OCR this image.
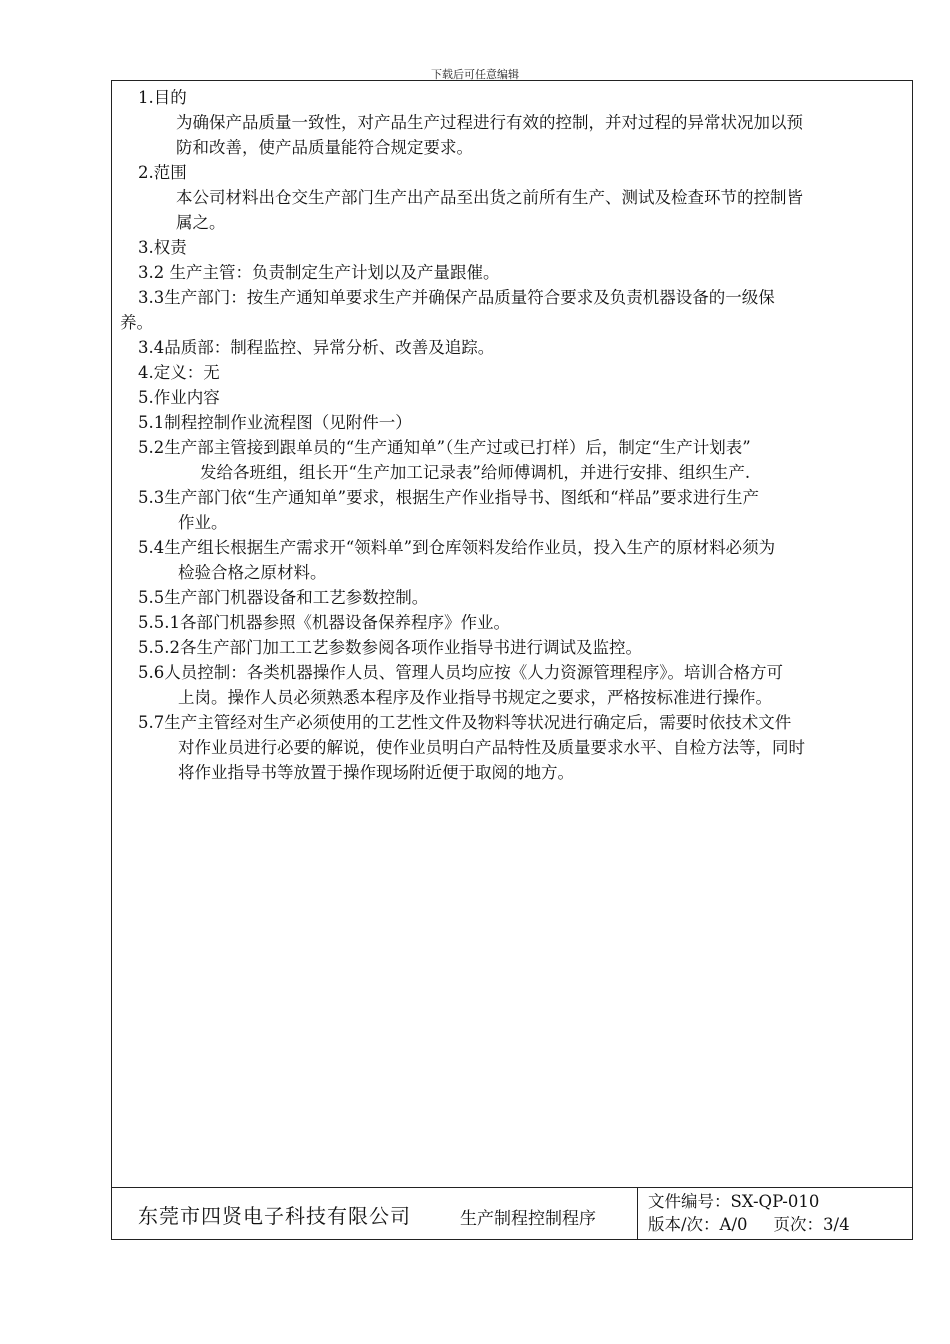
下载后可任意编辑
1.目的
为确保产品质量一致性，对产品生产过程进行有效的控制，并对过程的异常状况加以预
防和改善，使产品质量能符合规定要求。
2.范围
本公司材料出仓交生产部门生产出产品至出货之前所有生产、测试及检查环节的控制皆
属之。
3.权责
3.2 生产主管：负责制定生产计划以及产量跟催。
3.3生产部门：按生产通知单要求生产并确保产品质量符合要求及负责机器设备的一级保
养。
3.4品质部：制程监控、异常分析、改善及追踪。
4.定义：无
5.作业内容
5.1制程控制作业流程图（见附件一）
5.2生产部主管接到跟单员的“生产通知单”（生产过或已打样）后，制定“生产计划表”
发给各班组，组长开“生产加工记录表”给师傅调机，并进行安排、组织生产.
5.3生产部门依“生产通知单”要求，根据生产作业指导书、图纸和“样品”要求进行生产
作业。
5.4生产组长根据生产需求开“领料单”到仓库领料发给作业员，投入生产的原材料必须为
检验合格之原材料。
5.5生产部门机器设备和工艺参数控制。
5.5.1各部门机器参照《机器设备保养程序》作业。
5.5.2各生产部门加工工艺参数参阅各项作业指导书进行调试及监控。
5.6人员控制：各类机器操作人员、管理人员均应按《人力资源管理程序》。培训合格方可
上岗。操作人员必须熟悉本程序及作业指导书规定之要求，严格按标准进行操作。
5.7生产主管经对生产必须使用的工艺性文件及物料等状况进行确定后，需要时依技术文件
对作业员进行必要的解说，使作业员明白产品特性及质量要求水平、自检方法等，同时
将作业指导书等放置于操作现场附近便于取阅的地方。
东莞市四贤电子科技有限公司	生产制程控制程序
文件编号：SX-QP-010
版本/次：A/0 页次：3/4
